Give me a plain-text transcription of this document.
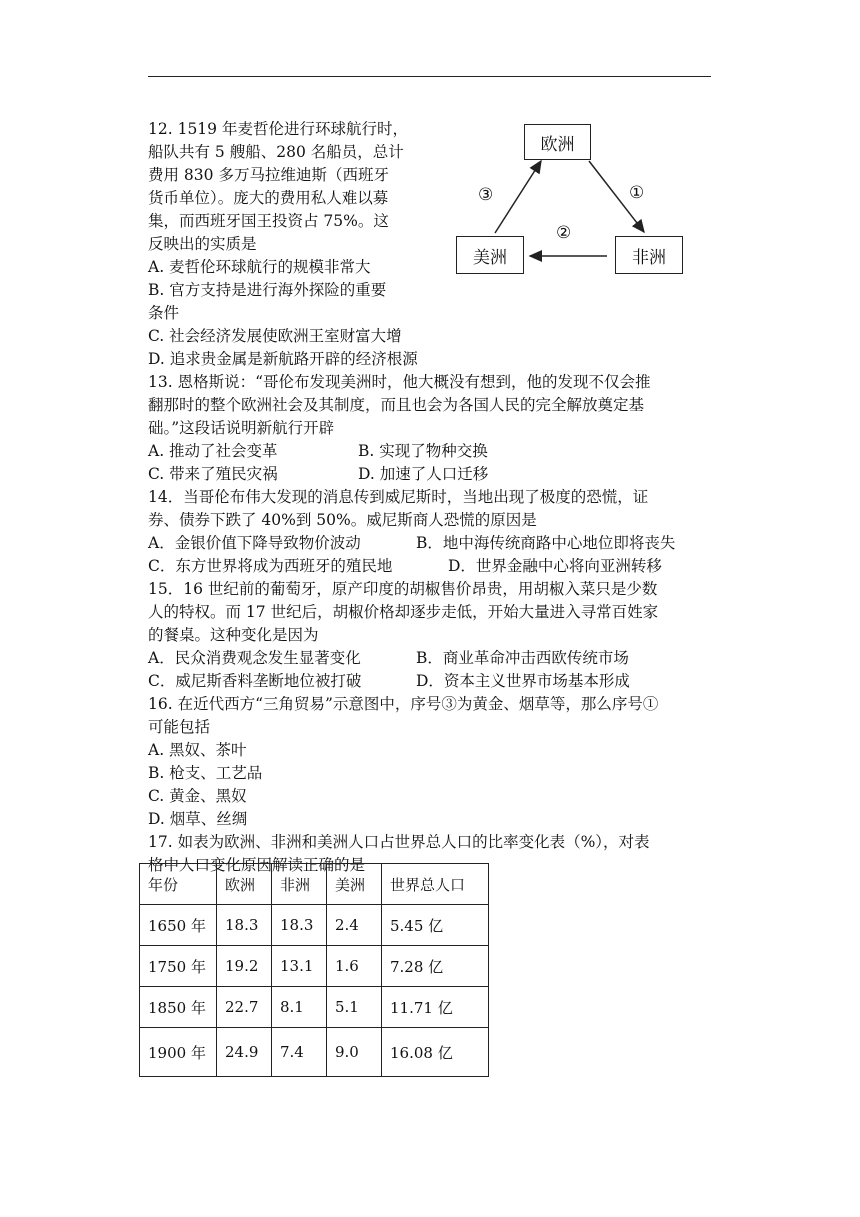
欧洲
美洲	非洲
①
②
③
12. 1519 年麦哲伦进行环球航行时，
船队共有 5 艘船、280 名船员，总计
费用 830 多万马拉维迪斯（西班牙
货币单位）。庞大的费用私人难以募
集，而西班牙国王投资占 75%。这
反映出的实质是
A. 麦哲伦环球航行的规模非常大
B. 官方支持是进行海外探险的重要
条件
C. 社会经济发展使欧洲王室财富大增
D. 追求贵金属是新航路开辟的经济根源
13. 恩格斯说：“哥伦布发现美洲时，他大概没有想到，他的发现不仅会推
翻那时的整个欧洲社会及其制度，而且也会为各国人民的完全解放奠定基
础。”这段话说明新航行开辟
A. 推动了社会变革	B. 实现了物种交换
C. 带来了殖民灾祸	D. 加速了人口迁移
14．当哥伦布伟大发现的消息传到威尼斯时，当地出现了极度的恐慌，证
券、债券下跌了 40%到 50%。威尼斯商人恐慌的原因是
A．金银价值下降导致物价波动	B．地中海传统商路中心地位即将丧失
C．东方世界将成为西班牙的殖民地	D．世界金融中心将向亚洲转移
15．16 世纪前的葡萄牙，原产印度的胡椒售价昂贵，用胡椒入菜只是少数
人的特权。而 17 世纪后，胡椒价格却逐步走低，开始大量进入寻常百姓家
的餐桌。这种变化是因为
A．民众消费观念发生显著变化	B．商业革命冲击西欧传统市场
C．威尼斯香料垄断地位被打破	D．资本主义世界市场基本形成
16. 在近代西方“三角贸易”示意图中，序号③为黄金、烟草等，那么序号①
可能包括
A. 黑奴、茶叶
B. 枪支、工艺品
C. 黄金、黑奴
D. 烟草、丝绸
17. 如表为欧洲、非洲和美洲人口占世界总人口的比率变化表（%），对表
格中人口变化原因解读正确的是
年份	欧洲	非洲	美洲	世界总人口
1650 年	18.3	18.3	2.4	5.45 亿
1750 年	19.2	13.1	1.6	7.28 亿
1850 年	22.7	8.1	5.1	11.71 亿
1900 年	24.9	7.4	9.0	16.08 亿
